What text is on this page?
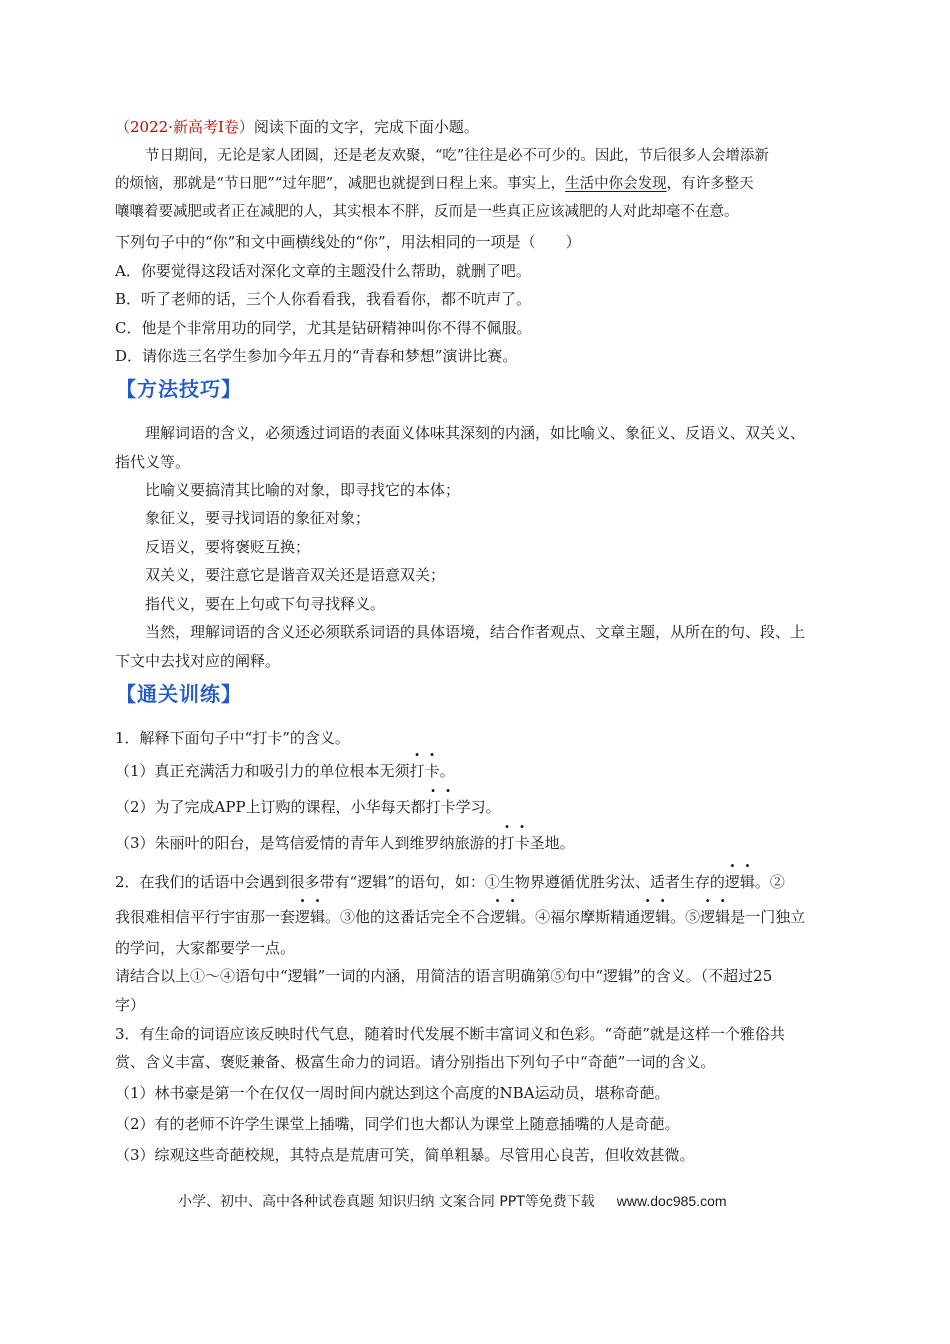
（2022·新高考Ⅰ卷）阅读下面的文字，完成下面小题。
节日期间，无论是家人团圆，还是老友欢聚，“吃”往往是必不可少的。因此，节后很多人会增添新
的烦恼，那就是“节日肥”“过年肥”，减肥也就提到日程上来。事实上，生活中你会发现，有许多整天
嚷嚷着要减肥或者正在减肥的人，其实根本不胖，反而是一些真正应该减肥的人对此却毫不在意。
下列句子中的“你”和文中画横线处的“你”，用法相同的一项是（　　）
A．你要觉得这段话对深化文章的主题没什么帮助，就删了吧。
B．听了老师的话，三个人你看看我，我看看你，都不吭声了。
C．他是个非常用功的同学，尤其是钻研精神叫你不得不佩服。
D．请你选三名学生参加今年五月的“青春和梦想”演讲比赛。
【方法技巧】
理解词语的含义，必须透过词语的表面义体味其深刻的内涵，如比喻义、象征义、反语义、双关义、
指代义等。
比喻义要搞清其比喻的对象，即寻找它的本体；
象征义，要寻找词语的象征对象；
反语义，要将褒贬互换；
双关义，要注意它是谐音双关还是语意双关；
指代义，要在上句或下句寻找释义。
当然，理解词语的含义还必须联系词语的具体语境，结合作者观点、文章主题，从所在的句、段、上
下文中去找对应的阐释。
【通关训练】
1．解释下面句子中“打卡”的含义。
（1）真正充满活力和吸引力的单位根本无须打卡。
（2）为了完成APP上订购的课程，小华每天都打卡学习。
（3）朱丽叶的阳台，是笃信爱情的青年人到维罗纳旅游的打卡圣地。
2．在我们的话语中会遇到很多带有“逻辑”的语句，如：①生物界遵循优胜劣汰、适者生存的逻辑。②
我很难相信平行宇宙那一套逻辑。③他的这番话完全不合逻辑。④福尔摩斯精通逻辑。⑤逻辑是一门独立
的学问，大家都要学一点。
请结合以上①～④语句中“逻辑”一词的内涵，用简洁的语言明确第⑤句中“逻辑”的含义。（不超过25
字）
3．有生命的词语应该反映时代气息，随着时代发展不断丰富词义和色彩。“奇葩”就是这样一个雅俗共
赏、含义丰富、褒贬兼备、极富生命力的词语。请分别指出下列句子中“奇葩”一词的含义。
（1）林书豪是第一个在仅仅一周时间内就达到这个高度的NBA运动员，堪称奇葩。
（2）有的老师不许学生课堂上插嘴，同学们也大都认为课堂上随意插嘴的人是奇葩。
（3）综观这些奇葩校规，其特点是荒唐可笑，简单粗暴。尽管用心良苦，但收效甚微。
小学、初中、高中各种试卷真题 知识归纳 文案合同 PPT等免费下载 www.doc985.com
